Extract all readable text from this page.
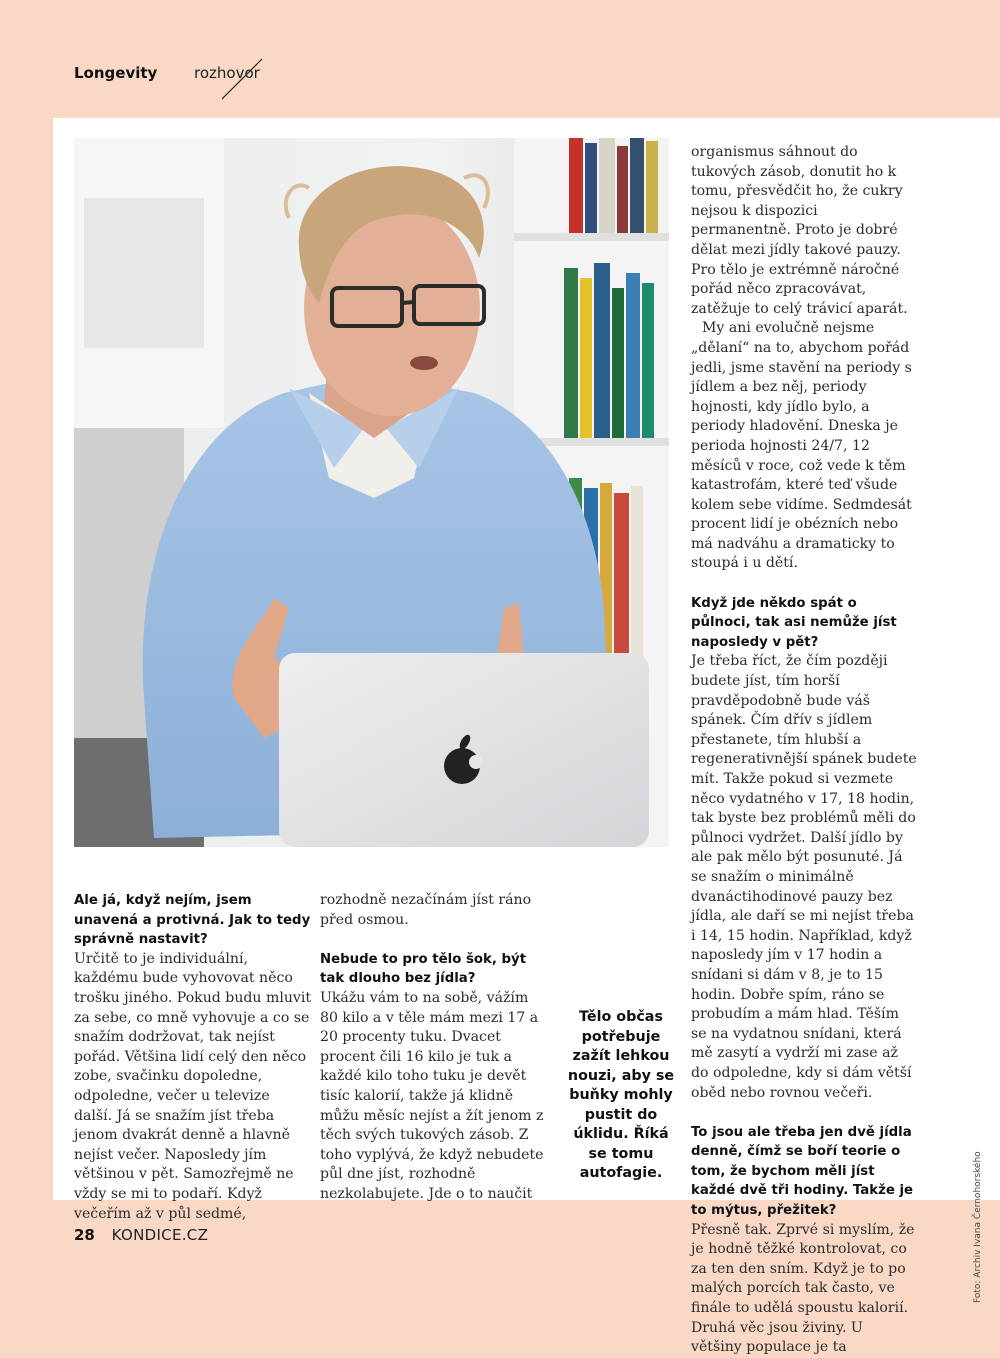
Longevity rozhovor

Ale já, když nejím, jsem unavená a protivná. Jak to tedy správně nastavit?

Určitě to je individuální, každému bude vyhovovat něco trošku jiného. Pokud budu mluvit za sebe, co mně vyhovuje a co se snažím dodržovat, tak nejíst pořád. Většina lidí celý den něco zobe, svačinku dopoledne, odpoledne, večer u televize další. Já se snažím jíst třeba jenom dvakrát denně a hlavně nejíst večer. Naposledy jím většinou v pět. Samozřejmě ne vždy se mi to podaří. Když večeřím až v půl sedmé,

rozhodně nezačínám jíst ráno před osmou.

Nebude to pro tělo šok, být tak dlouho bez jídla?

Ukážu vám to na sobě, vážím 80 kilo a v těle mám mezi 17 a 20 procenty tuku. Dvacet procent čili 16 kilo je tuk a každé kilo toho tuku je devět tisíc kalorií, takže já klidně můžu měsíc nejíst a žít jenom z těch svých tukových zásob. Z toho vyplývá, že když nebudete půl dne jíst, rozhodně nezkolabujete. Jde o to naučit

Tělo občas potřebuje zažít lehkou nouzi, aby se buňky mohly pustit do úklidu. Říká se tomu autofagie.

organismus sáhnout do tukových zásob, donutit ho k tomu, přesvědčit ho, že cukry nejsou k dispozici permanentně. Proto je dobré dělat mezi jídly takové pauzy. Pro tělo je extrémně náročné pořád něco zpracovávat, zatěžuje to celý trávicí aparát.

My ani evolučně nejsme „dělaní“ na to, abychom pořád jedli, jsme stavění na periody s jídlem a bez něj, periody hojnosti, kdy jídlo bylo, a periody hladovění. Dneska je perioda hojnosti 24/7, 12 měsíců v roce, což vede k těm katastrofám, které teď všude kolem sebe vidíme. Sedmdesát procent lidí je obézních nebo má nadváhu a dramaticky to stoupá i u dětí.

Když jde někdo spát o půlnoci, tak asi nemůže jíst naposledy v pět?

Je třeba říct, že čím později budete jíst, tím horší pravděpodobně bude váš spánek. Čím dřív s jídlem přestanete, tím hlubší a regenerativnější spánek budete mít. Takže pokud si vezmete něco vydatného v 17, 18 hodin, tak byste bez problémů měli do půlnoci vydržet. Další jídlo by ale pak mělo být posunuté. Já se snažím o minimálně dvanáctihodinové pauzy bez jídla, ale daří se mi nejíst třeba i 14, 15 hodin. Například, když naposledy jím v 17 hodin a snídani si dám v 8, je to 15 hodin. Dobře spím, ráno se probudím a mám hlad. Těším se na vydatnou snídani, která mě zasytí a vydrží mi zase až do odpoledne, kdy si dám větší oběd nebo rovnou večeři.

To jsou ale třeba jen dvě jídla denně, čímž se boří teorie o tom, že bychom měli jíst každé dvě tři hodiny. Takže je to mýtus, přežitek?

Přesně tak. Zprvé si myslím, že je hodně těžké kontrolovat, co za ten den sním. Když je to po malých porcích tak často, ve finále to udělá spoustu kalorií. Druhá věc jsou živiny. U většiny populace je ta

Foto: Archiv Ivana Černohorského
28 KONDICE.CZ
